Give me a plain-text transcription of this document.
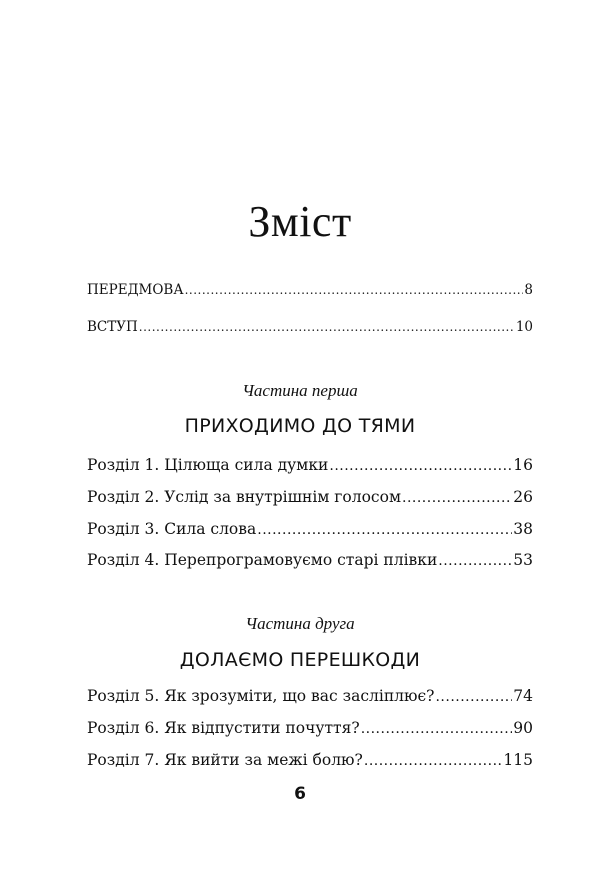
Зміст
ПЕРЕДМОВА .....	8
ВСТУП .....	10
Частина перша
ПРИХОДИМО ДО ТЯМИ
Розділ 1. Цілюща сила думки .....	16
Розділ 2. Услід за внутрішнім голосом .....	26
Розділ 3. Сила слова .....	38
Розділ 4. Перепрограмовуємо старі плівки .....	53
Частина друга
ДОЛАЄМО ПЕРЕШКОДИ
Розділ 5. Як зрозуміти, що вас засліплює? .....	74
Розділ 6. Як відпустити почуття? .....	90
Розділ 7. Як вийти за межі болю? .....	115
6
